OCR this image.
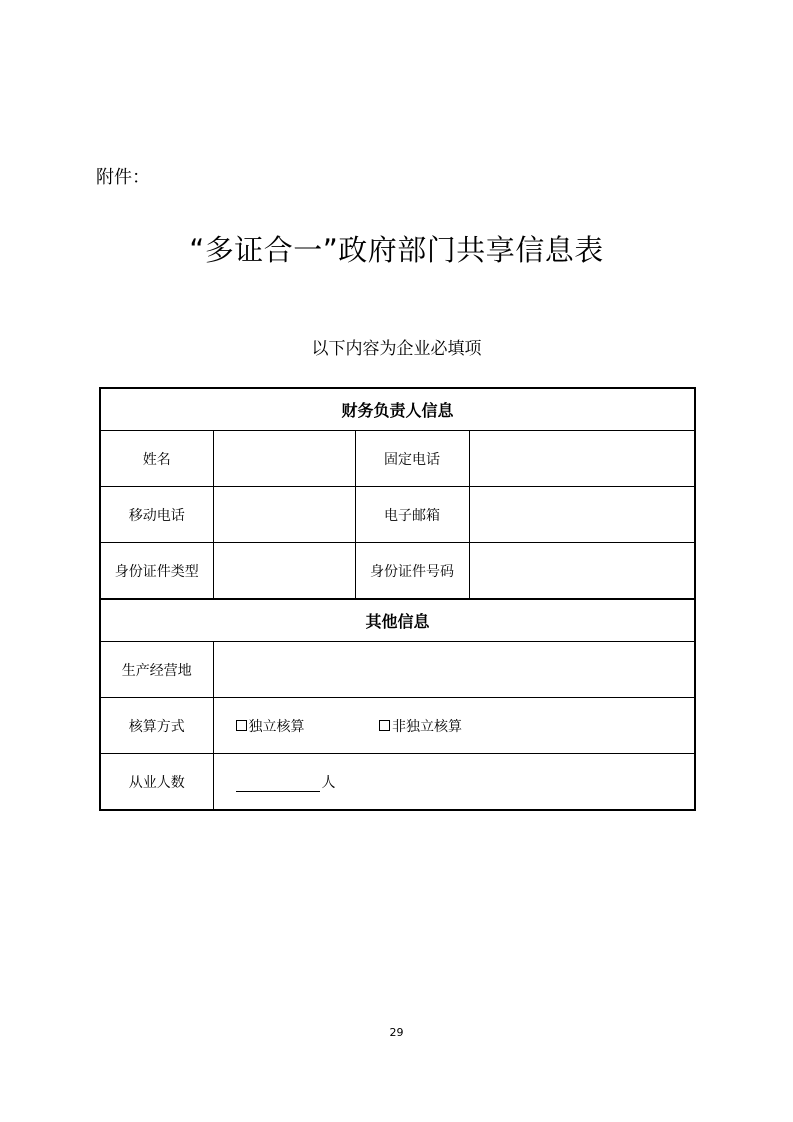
附件：
“多证合一”政府部门共享信息表
以下内容为企业必填项
财务负责人信息			
姓名		固定电话	
移动电话		电子邮箱	
身份证件类型		身份证件号码	
其他信息			
生产经营地			
核算方式	独立核算 非独立核算		
从业人数	人		
29
